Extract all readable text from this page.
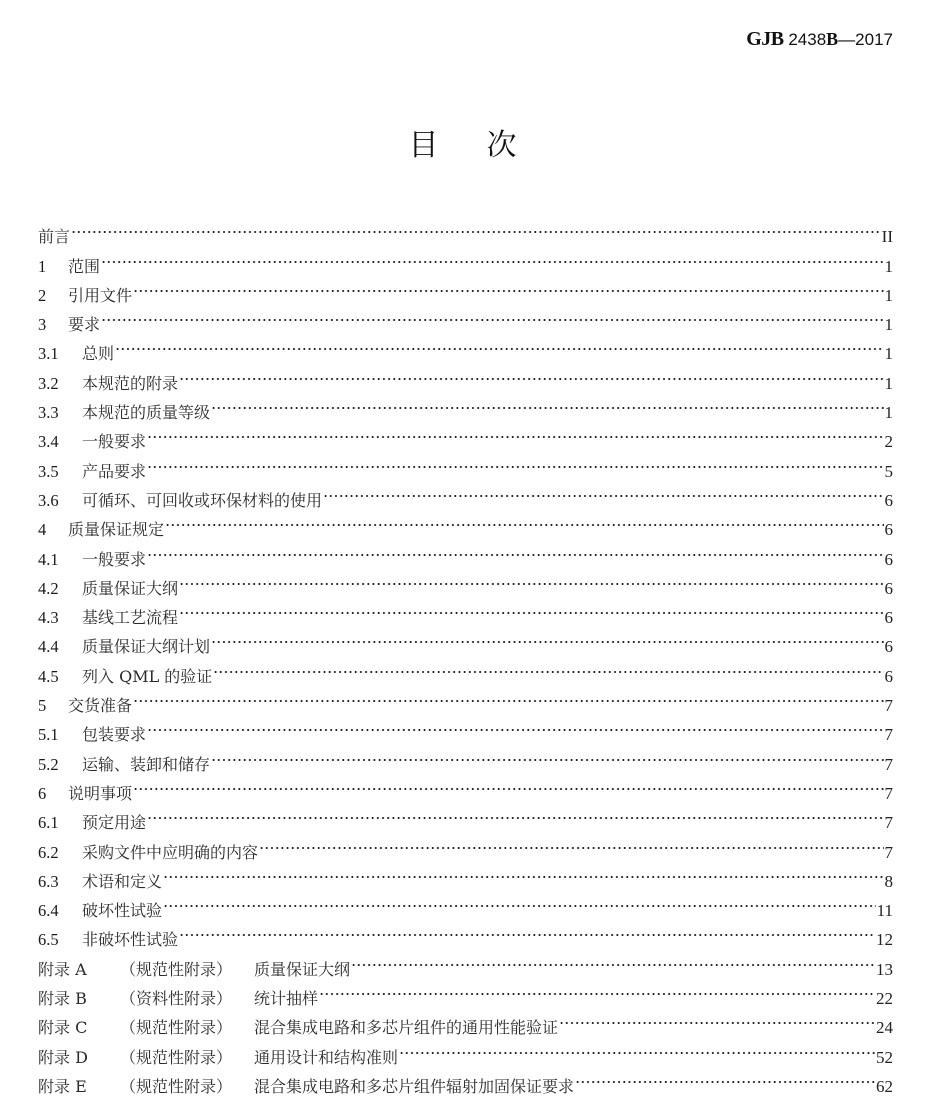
GJB 2438B—2017
目 次
前言	II
1	范围	1
2	引用文件	1
3	要求	1
3.1	总则	1
3.2	本规范的附录	1
3.3	本规范的质量等级	1
3.4	一般要求	2
3.5	产品要求	5
3.6	可循环、可回收或环保材料的使用	6
4	质量保证规定	6
4.1	一般要求	6
4.2	质量保证大纲	6
4.3	基线工艺流程	6
4.4	质量保证大纲计划	6
4.5	列入 QML 的验证	6
5	交货准备	7
5.1	包装要求	7
5.2	运输、装卸和储存	7
6	说明事项	7
6.1	预定用途	7
6.2	采购文件中应明确的内容	7
6.3	术语和定义	8
6.4	破坏性试验	11
6.5	非破坏性试验	12
附录 A	（规范性附录）	质量保证大纲	13
附录 B	（资料性附录）	统计抽样	22
附录 C	（规范性附录）	混合集成电路和多芯片组件的通用性能验证	24
附录 D	（规范性附录）	通用设计和结构准则	52
附录 E	（规范性附录）	混合集成电路和多芯片组件辐射加固保证要求	62
